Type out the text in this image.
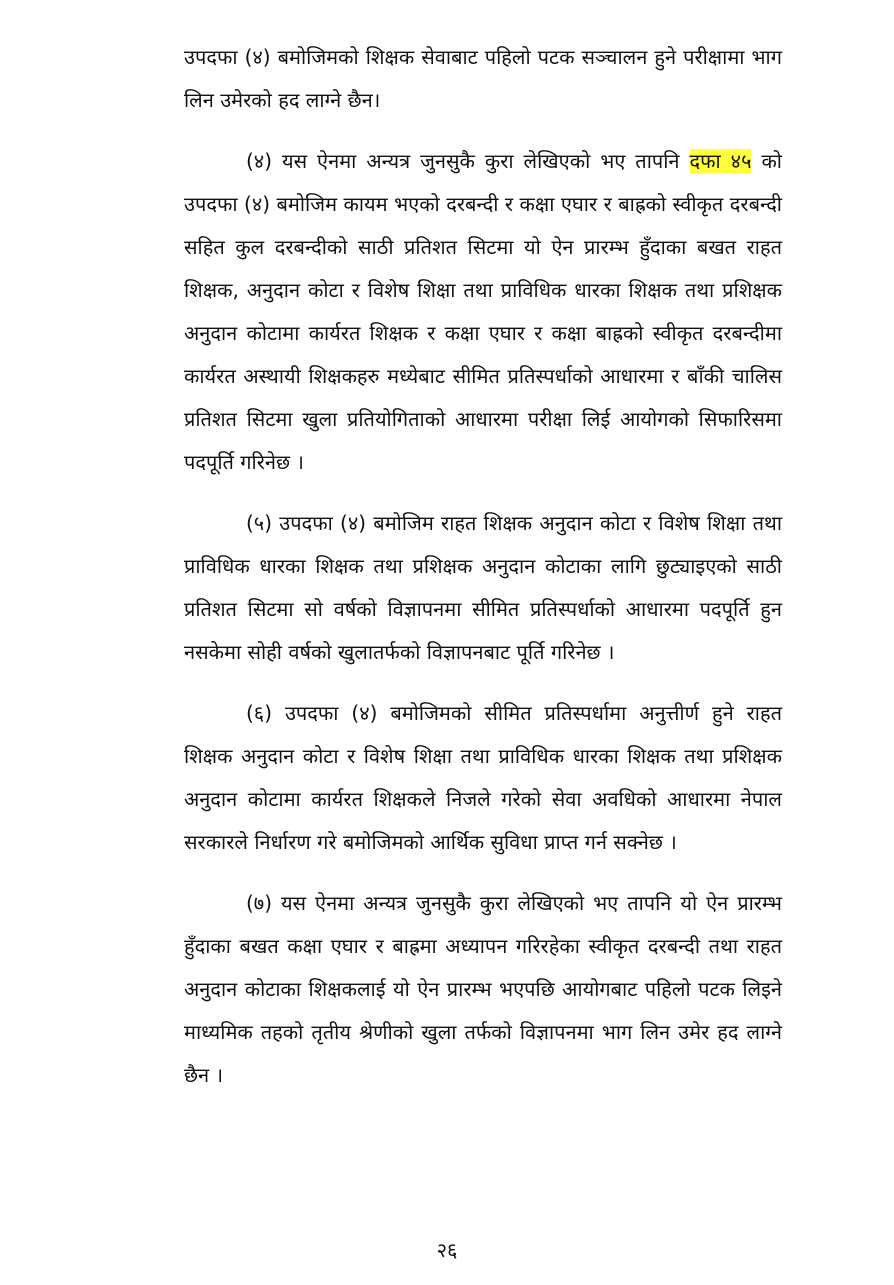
उपदफा (४) बमोजिमको शिक्षक सेवाबाट पहिलो पटक सञ्चालन हुने परीक्षामा भाग लिन उमेरको हद लाग्ने छैन।

(४) यस ऐनमा अन्यत्र जुनसुकै कुरा लेखिएको भए तापनि दफा ४५ को उपदफा (४) बमोजिम कायम भएको दरबन्दी र कक्षा एघार र बाह्रको स्वीकृत दरबन्दी सहित कुल दरबन्दीको साठी प्रतिशत सिटमा यो ऐन प्रारम्भ हुँदाका बखत राहत शिक्षक, अनुदान कोटा र विशेष शिक्षा तथा प्राविधिक धारका शिक्षक तथा प्रशिक्षक अनुदान कोटामा कार्यरत शिक्षक र कक्षा एघार र कक्षा बाह्रको स्वीकृत दरबन्दीमा कार्यरत अस्थायी शिक्षकहरु मध्येबाट सीमित प्रतिस्पर्धाको आधारमा र बाँकी चालिस प्रतिशत सिटमा खुला प्रतियोगिताको आधारमा परीक्षा लिई आयोगको सिफारिसमा पदपूर्ति गरिनेछ ।

(५) उपदफा (४) बमोजिम राहत शिक्षक अनुदान कोटा र विशेष शिक्षा तथा प्राविधिक धारका शिक्षक तथा प्रशिक्षक अनुदान कोटाका लागि छुट्याइएको साठी प्रतिशत सिटमा सो वर्षको विज्ञापनमा सीमित प्रतिस्पर्धाको आधारमा पदपूर्ति हुन नसकेमा सोही वर्षको खुलातर्फको विज्ञापनबाट पूर्ति गरिनेछ ।

(६) उपदफा (४) बमोजिमको सीमित प्रतिस्पर्धामा अनुत्तीर्ण हुने राहत शिक्षक अनुदान कोटा र विशेष शिक्षा तथा प्राविधिक धारका शिक्षक तथा प्रशिक्षक अनुदान कोटामा कार्यरत शिक्षकले निजले गरेको सेवा अवधिको आधारमा नेपाल सरकारले निर्धारण गरे बमोजिमको आर्थिक सुविधा प्राप्त गर्न सक्नेछ ।

(७) यस ऐनमा अन्यत्र जुनसुकै कुरा लेखिएको भए तापनि यो ऐन प्रारम्भ हुँदाका बखत कक्षा एघार र बाह्रमा अध्यापन गरिरहेका स्वीकृत दरबन्दी तथा राहत अनुदान कोटाका शिक्षकलाई यो ऐन प्रारम्भ भएपछि आयोगबाट पहिलो पटक लिइने माध्यमिक तहको तृतीय श्रेणीको खुला तर्फको विज्ञापनमा भाग लिन उमेर हद लाग्ने छैन ।

२६
